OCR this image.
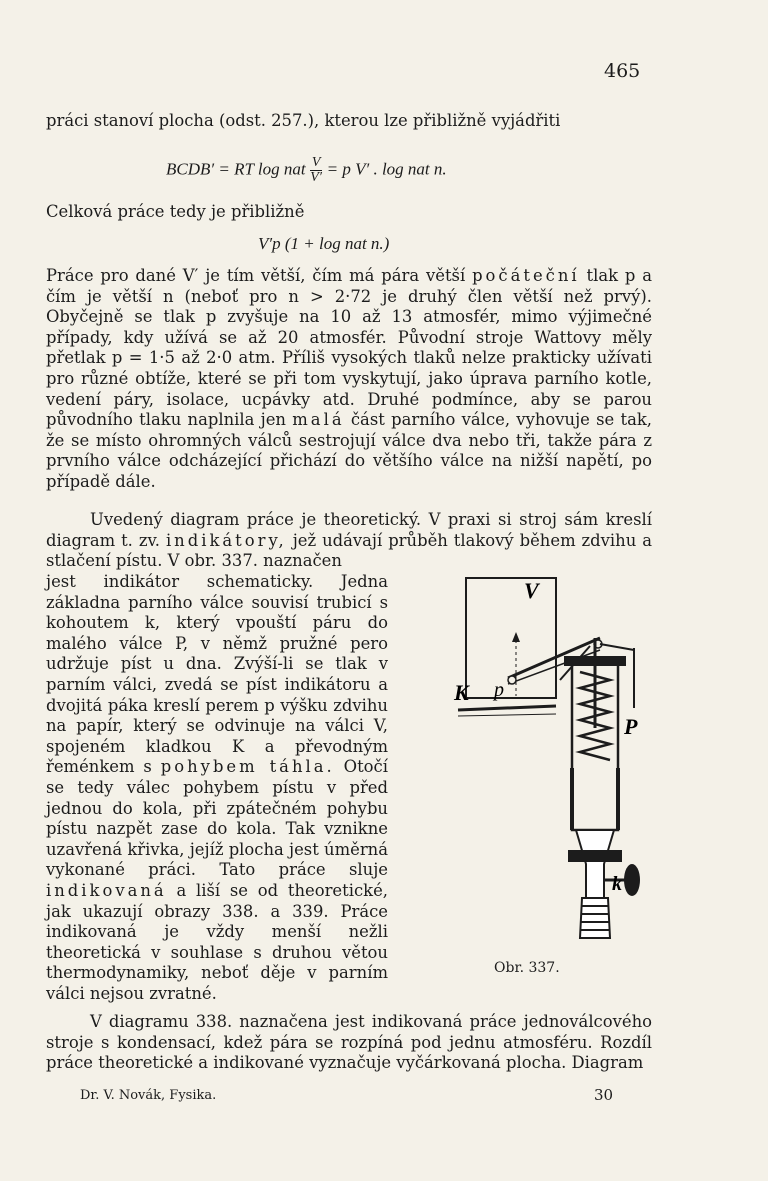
465
práci stanoví plocha (odst. 257.), kterou lze přibližně vyjádřiti
BCDB′ = RT log nat $\frac{V}{V'} = p$ V′ . log nat n.
Celková práce tedy je přibližně
V′p (1 + log nat n.)
Práce pro dané V′ je tím větší, čím má pára větší počáteční tlak p a čím je větší n (neboť pro n > 2·72 je druhý člen větší než prvý). Obyčejně se tlak p zvyšuje na 10 až 13 atmosfér, mimo výjimečné případy, kdy užívá se až 20 atmosfér. Původní stroje Wattovy měly přetlak p = 1·5 až 2·0 atm. Příliš vysokých tlaků nelze prakticky užívati pro různé obtíže, které se při tom vyskytují, jako úprava parního kotle, vedení páry, isolace, ucpávky atd. Druhé podmínce, aby se parou původního tlaku naplnila jen malá část parního válce, vyhovuje se tak, že se místo ohromných válců sestrojují válce dva nebo tři, takže pára z prvního válce odcházející přichází do většího válce na nižší napětí, po případě dále.
Uvedený diagram práce je theoretický. V praxi si stroj sám kreslí diagram t. zv. indikátory, jež udávají průběh tlakový během zdvihu a stlačení pístu. V obr. 337. naznačen
jest indikátor schematicky. Jedna základna parního válce souvisí trubicí s kohoutem k, který vpouští páru do malého válce P, v němž pružné pero udržuje píst u dna. Zvýší-li se tlak v parním válci, zvedá se píst indikátoru a dvojitá páka kreslí perem p výšku zdvihu na papír, který se odvinuje na válci V, spojeném kladkou K a převodným řeménkem s pohybem táhla. Otočí se tedy válec pohybem pístu v před jednou do kola, při zpátečném pohybu pístu nazpět zase do kola. Tak vznikne uzavřená křivka, jejíž plocha jest úměrná vykonané práci. Tato práce sluje indikovaná a liší se od theoretické, jak ukazují obrazy 338. a 339. Práce indikovaná je vždy menší nežli theoretická v souhlase s druhou větou thermodynamiky, neboť děje v parním válci nejsou zvratné.
V
K p
P
k
Obr. 337.
V diagramu 338. naznačena jest indikovaná práce jednoválcového stroje s kondensací, kdež pára se rozpíná pod jednu atmosféru. Rozdíl práce theoretické a indikované vyznačuje vyčárkovaná plocha. Diagram
Dr. V. Novák, Fysika.	30
